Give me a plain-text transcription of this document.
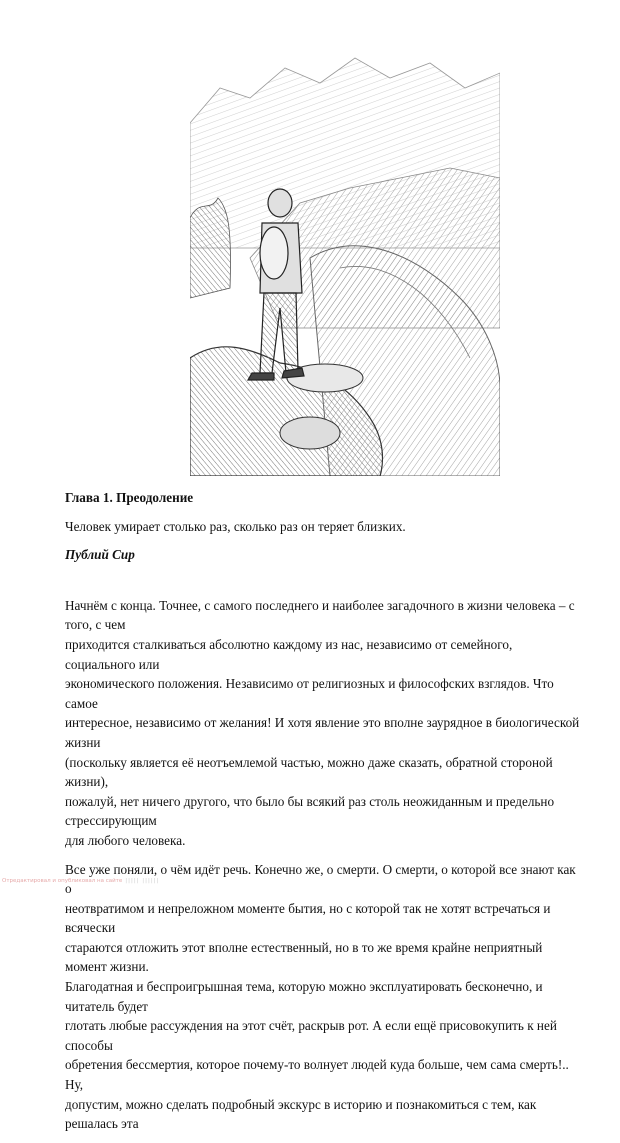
Глава 1. Преодоление
Человек умирает столько раз, сколько раз он теряет близких.
Публий Сир
Начнём с конца. Точнее, с самого последнего и наиболее загадочного в жизни человека – с того, с чем
приходится сталкиваться абсолютно каждому из нас, независимо от семейного, социального или
экономического положения. Независимо от религиозных и философских взглядов. Что самое
интересное, независимо от желания! И хотя явление это вполне заурядное в биологической жизни
(поскольку является её неотъемлемой частью, можно даже сказать, обратной стороной жизни),
пожалуй, нет ничего другого, что было бы всякий раз столь неожиданным и предельно стрессирующим
для любого человека.
Все уже поняли, о чём идёт речь. Конечно же, о смерти. О смерти, о которой все знают как о
неотвратимом и непреложном моменте бытия, но с которой так не хотят встречаться и всячески
стараются отложить этот вполне естественный, но в то же время крайне неприятный момент жизни.
Благодатная и беспроигрышная тема, которую можно эксплуатировать бесконечно, и читатель будет
глотать любые рассуждения на этот счёт, раскрыв рот. А если ещё присовокупить к ней способы
обретения бессмертия, которое почему-то волнует людей куда больше, чем сама смерть!.. Ну,
допустим, можно сделать подробный экскурс в историю и познакомиться с тем, как решалась эта
Отредактировал и опубликовал на сайте ||||| ||||||
